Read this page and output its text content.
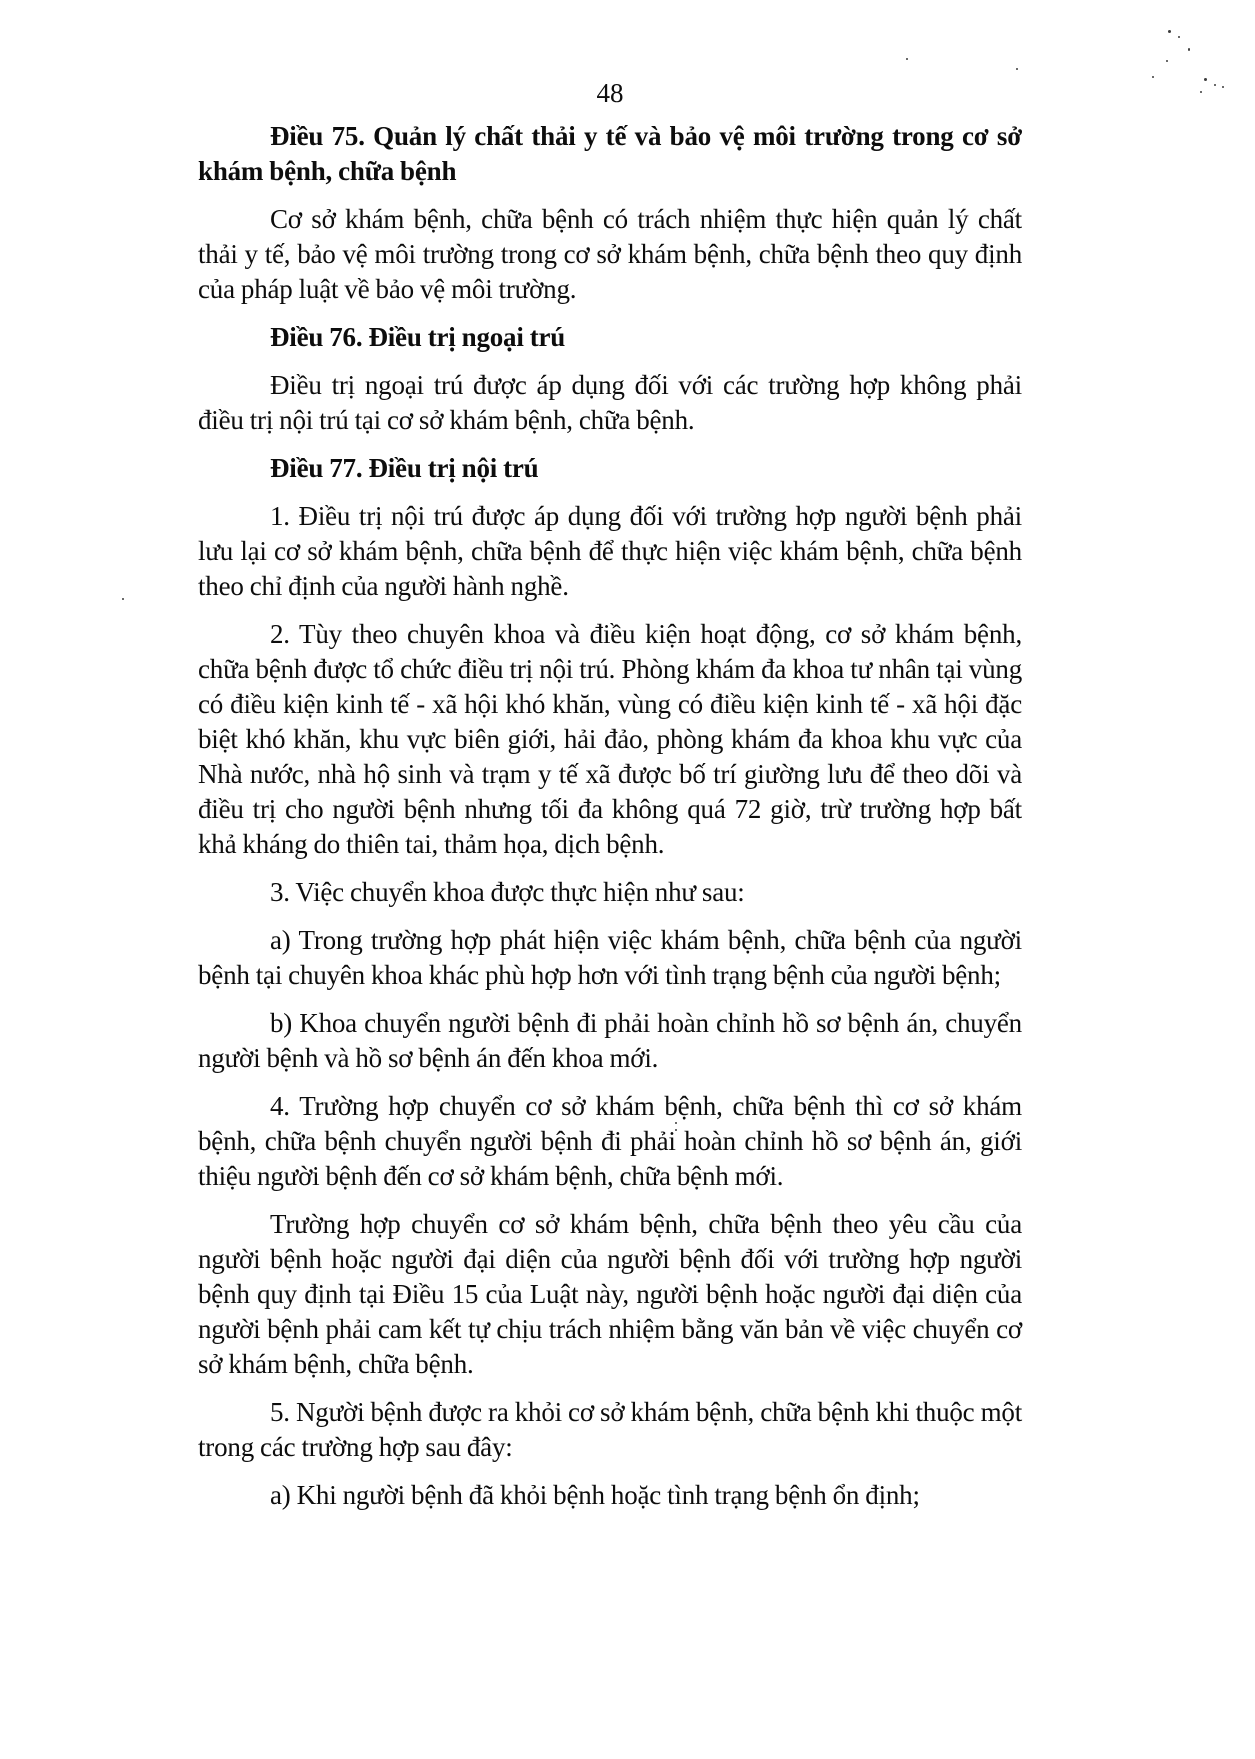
48

Điều 75. Quản lý chất thải y tế và bảo vệ môi trường trong cơ sở khám bệnh, chữa bệnh

Cơ sở khám bệnh, chữa bệnh có trách nhiệm thực hiện quản lý chất thải y tế, bảo vệ môi trường trong cơ sở khám bệnh, chữa bệnh theo quy định của pháp luật về bảo vệ môi trường.

Điều 76. Điều trị ngoại trú

Điều trị ngoại trú được áp dụng đối với các trường hợp không phải điều trị nội trú tại cơ sở khám bệnh, chữa bệnh.

Điều 77. Điều trị nội trú

1. Điều trị nội trú được áp dụng đối với trường hợp người bệnh phải lưu lại cơ sở khám bệnh, chữa bệnh để thực hiện việc khám bệnh, chữa bệnh theo chỉ định của người hành nghề.

2. Tùy theo chuyên khoa và điều kiện hoạt động, cơ sở khám bệnh, chữa bệnh được tổ chức điều trị nội trú. Phòng khám đa khoa tư nhân tại vùng có điều kiện kinh tế - xã hội khó khăn, vùng có điều kiện kinh tế - xã hội đặc biệt khó khăn, khu vực biên giới, hải đảo, phòng khám đa khoa khu vực của Nhà nước, nhà hộ sinh và trạm y tế xã được bố trí giường lưu để theo dõi và điều trị cho người bệnh nhưng tối đa không quá 72 giờ, trừ trường hợp bất khả kháng do thiên tai, thảm họa, dịch bệnh.

3. Việc chuyển khoa được thực hiện như sau:

a) Trong trường hợp phát hiện việc khám bệnh, chữa bệnh của người bệnh tại chuyên khoa khác phù hợp hơn với tình trạng bệnh của người bệnh;

b) Khoa chuyển người bệnh đi phải hoàn chỉnh hồ sơ bệnh án, chuyển người bệnh và hồ sơ bệnh án đến khoa mới.

4. Trường hợp chuyển cơ sở khám bệnh, chữa bệnh thì cơ sở khám bệnh, chữa bệnh chuyển người bệnh đi phải hoàn chỉnh hồ sơ bệnh án, giới thiệu người bệnh đến cơ sở khám bệnh, chữa bệnh mới.

Trường hợp chuyển cơ sở khám bệnh, chữa bệnh theo yêu cầu của người bệnh hoặc người đại diện của người bệnh đối với trường hợp người bệnh quy định tại Điều 15 của Luật này, người bệnh hoặc người đại diện của người bệnh phải cam kết tự chịu trách nhiệm bằng văn bản về việc chuyển cơ sở khám bệnh, chữa bệnh.

5. Người bệnh được ra khỏi cơ sở khám bệnh, chữa bệnh khi thuộc một trong các trường hợp sau đây:

a) Khi người bệnh đã khỏi bệnh hoặc tình trạng bệnh ổn định;
